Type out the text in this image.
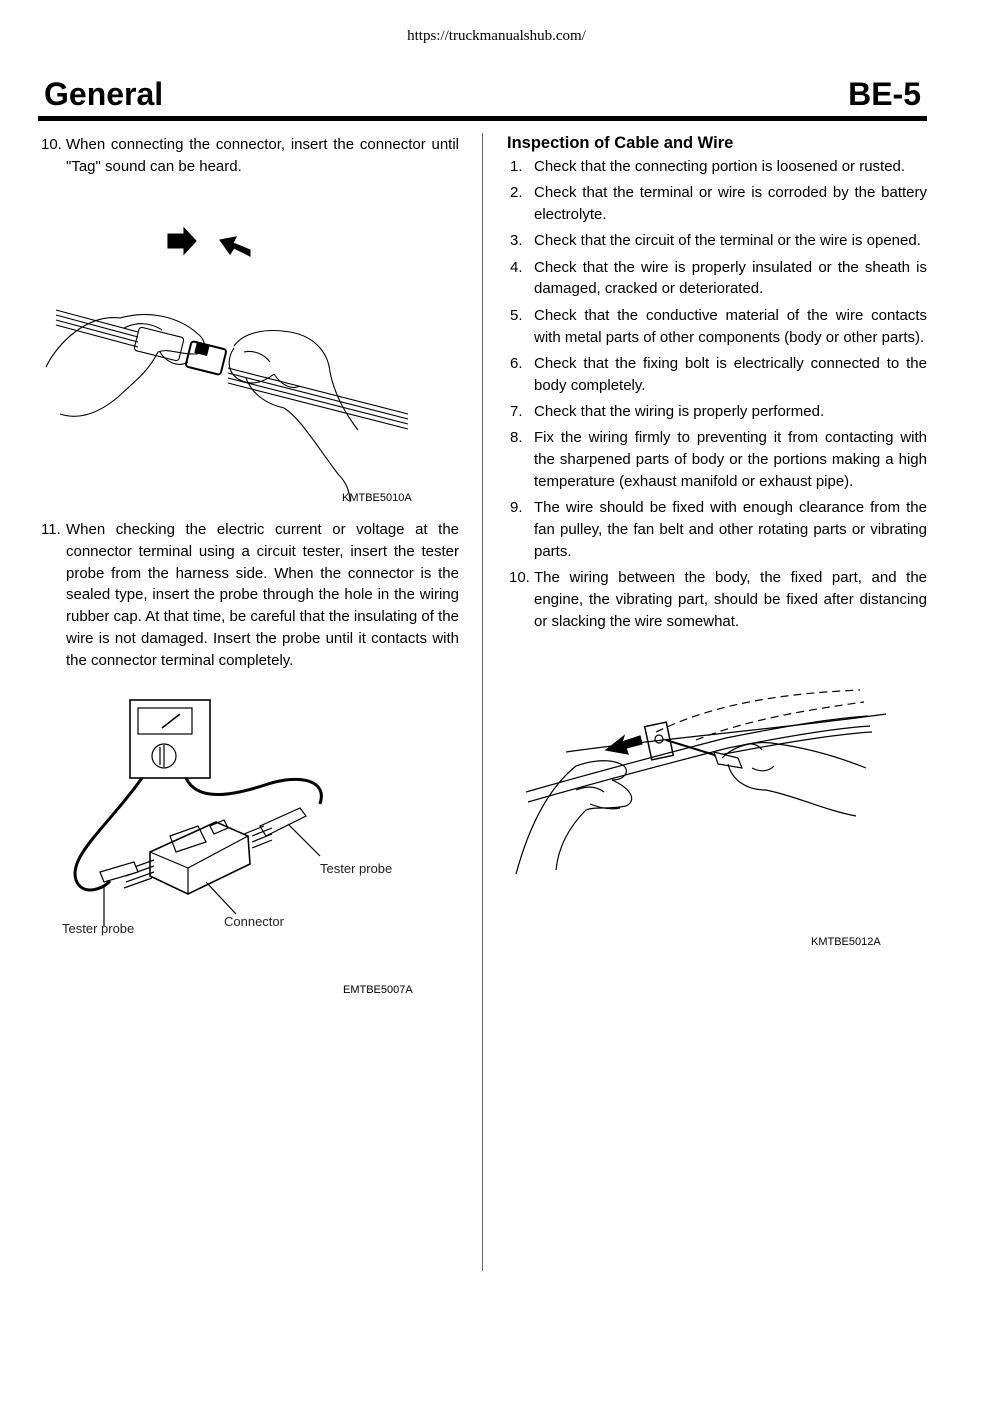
https://truckmanualshub.com/
General	BE-5
10. When connecting the connector, insert the connector until "Tag" sound can be heard.
KMTBE5010A
11. When checking the electric current or voltage at the connector terminal using a circuit tester, insert the tester probe from the harness side. When the connector is the sealed type, insert the probe through the hole in the wiring rubber cap. At that time, be careful that the insulating of the wire is not damaged. Insert the probe until it contacts with the connector terminal completely.
Tester probe
Connector
Tester probe
EMTBE5007A
Inspection of Cable and Wire
1. Check that the connecting portion is loosened or rusted.
2. Check that the terminal or wire is corroded by the battery electrolyte.
3. Check that the circuit of the terminal or the wire is opened.
4. Check that the wire is properly insulated or the sheath is damaged, cracked or deteriorated.
5. Check that the conductive material of the wire contacts with metal parts of other components (body or other parts).
6. Check that the fixing bolt is electrically connected to the body completely.
7. Check that the wiring is properly performed.
8. Fix the wiring firmly to preventing it from contacting with the sharpened parts of body or the portions making a high temperature (exhaust manifold or exhaust pipe).
9. The wire should be fixed with enough clearance from the fan pulley, the fan belt and other rotating parts or vibrating parts.
10. The wiring between the body, the fixed part, and the engine, the vibrating part, should be fixed after distancing or slacking the wire somewhat.
KMTBE5012A
